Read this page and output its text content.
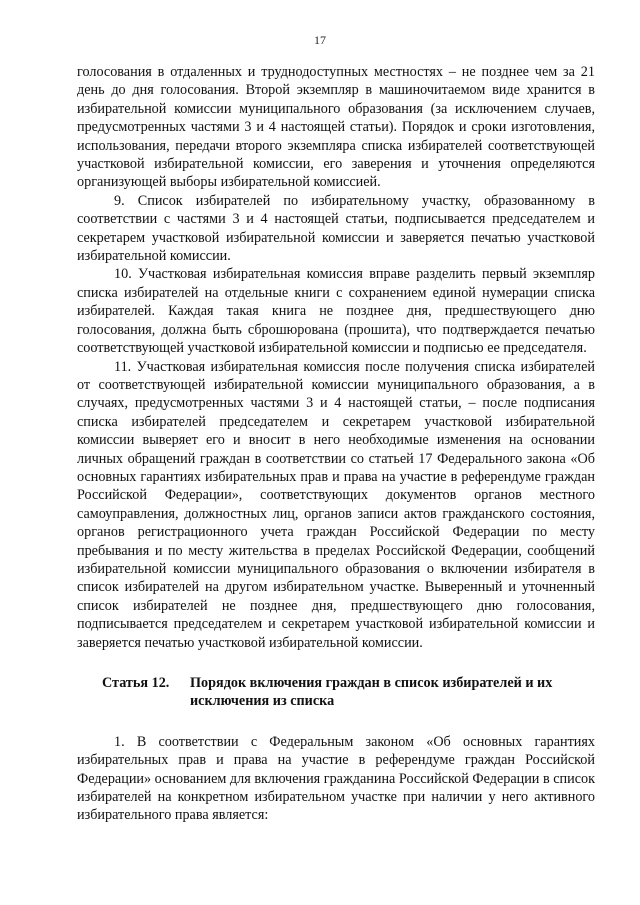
17

голосования в отдаленных и труднодоступных местностях – не позднее чем за 21 день до дня голосования. Второй экземпляр в машиночитаемом виде хранится в избирательной комиссии муниципального образования (за исключением случаев, предусмотренных частями 3 и 4 настоящей статьи). Порядок и сроки изготовления, использования, передачи второго экземпляра списка избирателей соответствующей участковой избирательной комиссии, его заверения и уточнения определяются организующей выборы избирательной комиссией.

9. Список избирателей по избирательному участку, образованному в соответствии с частями 3 и 4 настоящей статьи, подписывается председателем и секретарем участковой избирательной комиссии и заверяется печатью участковой избирательной комиссии.

10. Участковая избирательная комиссия вправе разделить первый экземпляр списка избирателей на отдельные книги с сохранением единой нумерации списка избирателей. Каждая такая книга не позднее дня, предшествующего дню голосования, должна быть сброшюрована (прошита), что подтверждается печатью соответствующей участковой избирательной комиссии и подписью ее председателя.

11. Участковая избирательная комиссия после получения списка избирателей от соответствующей избирательной комиссии муниципального образования, а в случаях, предусмотренных частями 3 и 4 настоящей статьи, – после подписания списка избирателей председателем и секретарем участковой избирательной комиссии выверяет его и вносит в него необходимые изменения на основании личных обращений граждан в соответствии со статьей 17 Федерального закона «Об основных гарантиях избирательных прав и права на участие в референдуме граждан Российской Федерации», соответствующих документов органов местного самоуправления, должностных лиц, органов записи актов гражданского состояния, органов регистрационного учета граждан Российской Федерации по месту пребывания и по месту жительства в пределах Российской Федерации, сообщений избирательной комиссии муниципального образования о включении избирателя в список избирателей на другом избирательном участке. Выверенный и уточненный список избирателей не позднее дня, предшествующего дню голосования, подписывается председателем и секретарем участковой избирательной комиссии и заверяется печатью участковой избирательной комиссии.

Статья 12.	Порядок включения граждан в список избирателей и их исключения из списка

1. В соответствии с Федеральным законом «Об основных гарантиях избирательных прав и права на участие в референдуме граждан Российской Федерации» основанием для включения гражданина Российской Федерации в список избирателей на конкретном избирательном участке при наличии у него активного избирательного права является:
